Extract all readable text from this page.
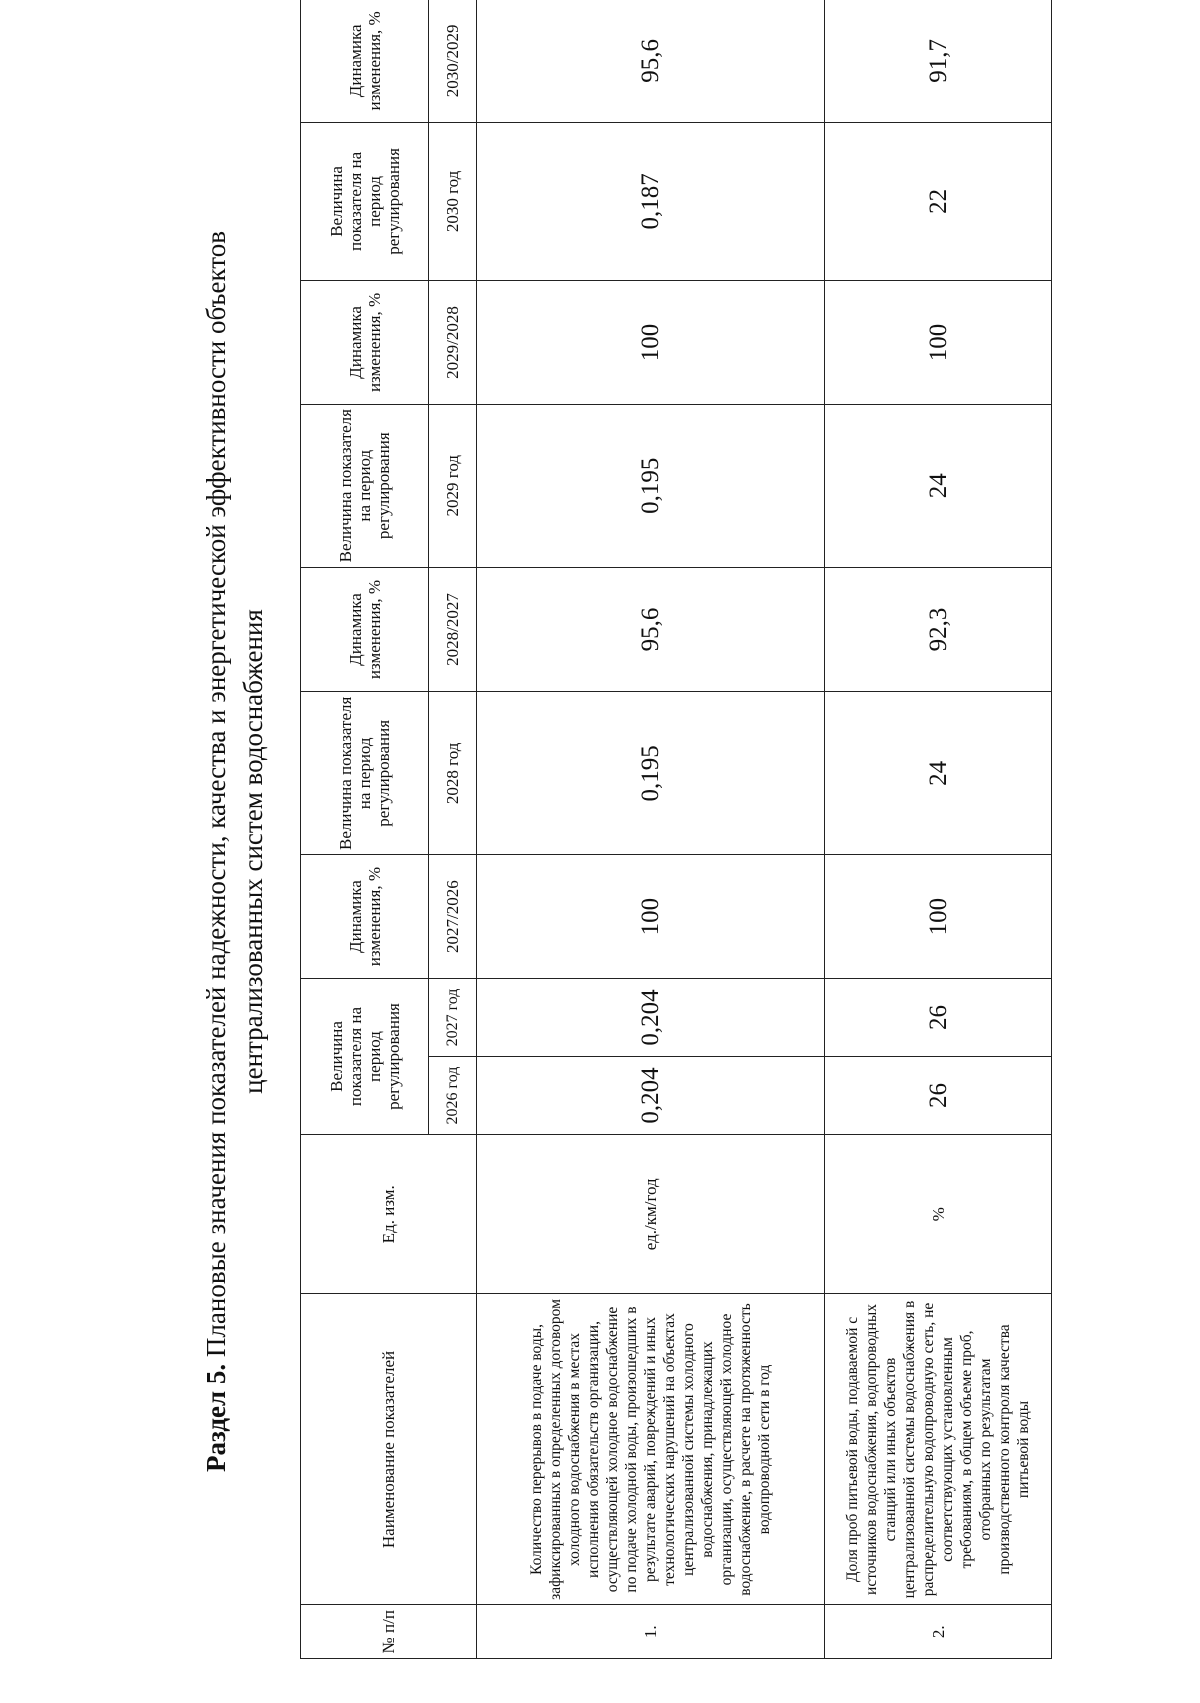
Раздел 5. Плановые значения показателей надежности, качества и энергетической эффективности объектов централизованных систем водоснабжения
№ п/п	Наименование показателей	Ед. изм.	Величина показателя на период регулирования		Динамика изменения, %	Величина показателя на период регулирования	Динамика изменения, %	Величина показателя на период регулирования	Динамика изменения, %	Величина показателя на период регулирования	Динамика изменения, %
			2026 год	2027 год	2027/2026	2028 год	2028/2027	2029 год	2029/2028	2030 год	2030/2029
1.	Количество перерывов в подаче воды, зафиксированных в определенных договором холодного водоснабжения в местах исполнения обязательств организации, осуществляющей холодное водоснабжение по подаче холодной воды, произошедших в результате аварий, повреждений и иных технологических нарушений на объектах централизованной системы холодного водоснабжения, принадлежащих организации, осуществляющей холодное водоснабжение, в расчете на протяженность водопроводной сети в год	ед./км/год	0,204	0,204	100	0,195	95,6	0,195	100	0,187	95,6
2.	Доля проб питьевой воды, подаваемой с источников водоснабжения, водопроводных станций или иных объектов централизованной системы водоснабжения в распределительную водопроводную сеть, не соответствующих установленным требованиям, в общем объеме проб, отобранных по результатам производственного контроля качества питьевой воды	%	26	26	100	24	92,3	24	100	22	91,7
